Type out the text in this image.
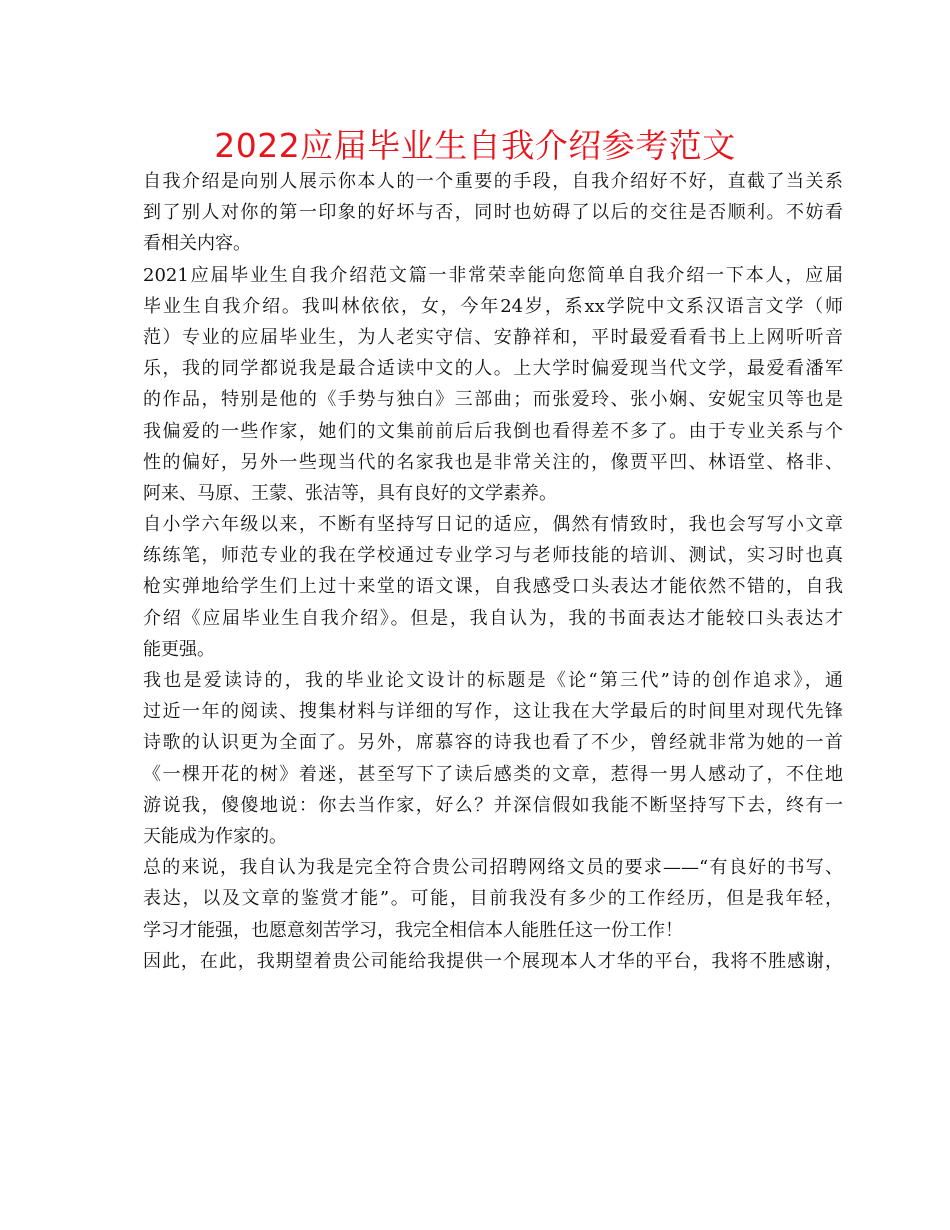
2022应届毕业生自我介绍参考范文
自我介绍是向别人展示你本人的一个重要的手段，自我介绍好不好，直截了当关系
到了别人对你的第一印象的好坏与否，同时也妨碍了以后的交往是否顺利。不妨看
看相关内容。
2021应届毕业生自我介绍范文篇一非常荣幸能向您简单自我介绍一下本人，应届
毕业生自我介绍。我叫林依依，女，今年24岁，系xx学院中文系汉语言文学（师
范）专业的应届毕业生，为人老实守信、安静祥和，平时最爱看看书上上网听听音
乐，我的同学都说我是最合适读中文的人。上大学时偏爱现当代文学，最爱看潘军
的作品，特别是他的《手势与独白》三部曲；而张爱玲、张小娴、安妮宝贝等也是
我偏爱的一些作家，她们的文集前前后后我倒也看得差不多了。由于专业关系与个
性的偏好，另外一些现当代的名家我也是非常关注的，像贾平凹、林语堂、格非、
阿来、马原、王蒙、张洁等，具有良好的文学素养。
自小学六年级以来，不断有坚持写日记的适应，偶然有情致时，我也会写写小文章
练练笔，师范专业的我在学校通过专业学习与老师技能的培训、测试，实习时也真
枪实弹地给学生们上过十来堂的语文课，自我感受口头表达才能依然不错的，自我
介绍《应届毕业生自我介绍》。但是，我自认为，我的书面表达才能较口头表达才
能更强。
我也是爱读诗的，我的毕业论文设计的标题是《论“第三代”诗的创作追求》，通
过近一年的阅读、搜集材料与详细的写作，这让我在大学最后的时间里对现代先锋
诗歌的认识更为全面了。另外，席慕容的诗我也看了不少，曾经就非常为她的一首
《一棵开花的树》着迷，甚至写下了读后感类的文章，惹得一男人感动了，不住地
游说我，傻傻地说：你去当作家，好么？并深信假如我能不断坚持写下去，终有一
天能成为作家的。
总的来说，我自认为我是完全符合贵公司招聘网络文员的要求——“有良好的书写、
表达，以及文章的鉴赏才能”。可能，目前我没有多少的工作经历，但是我年轻，
学习才能强，也愿意刻苦学习，我完全相信本人能胜任这一份工作！
因此，在此，我期望着贵公司能给我提供一个展现本人才华的平台，我将不胜感谢，
